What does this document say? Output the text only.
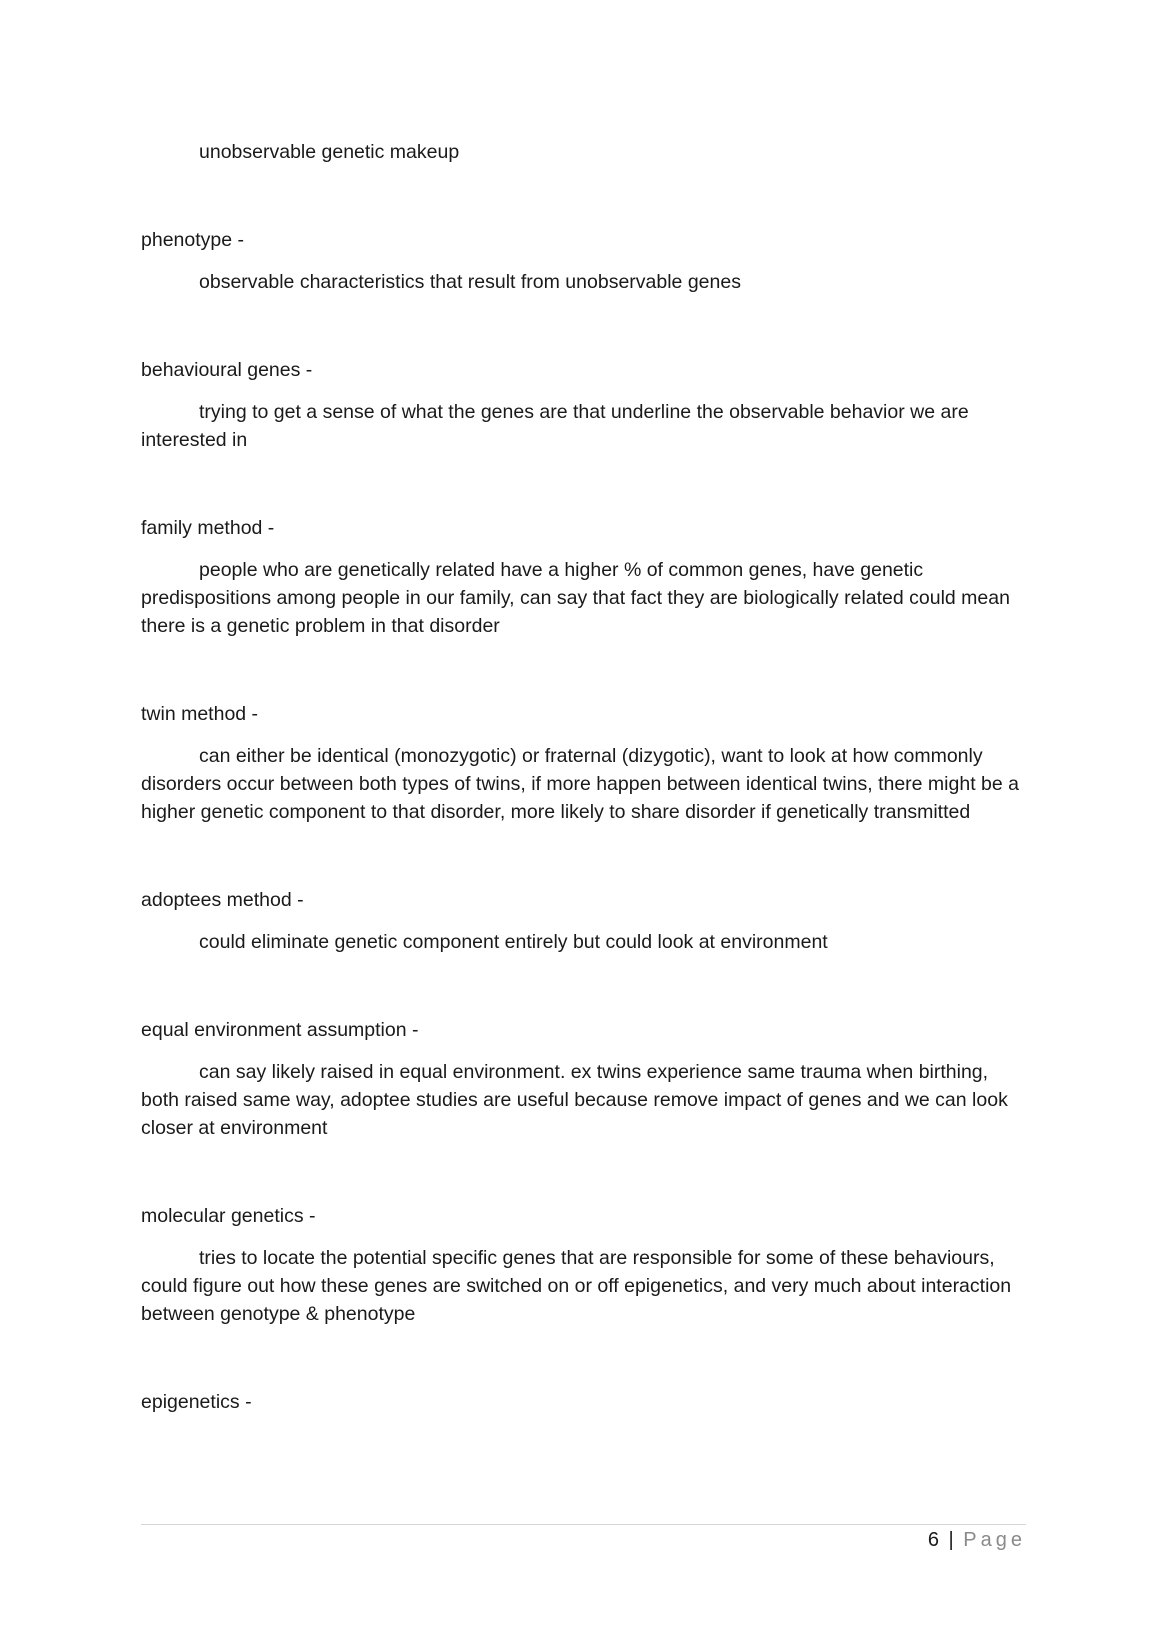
unobservable genetic makeup

phenotype -

observable characteristics that result from unobservable genes

behavioural genes -

trying to get a sense of what the genes are that underline the observable behavior we are interested in

family method -

people who are genetically related have a higher % of common genes, have genetic predispositions among people in our family, can say that fact they are biologically related could mean there is a genetic problem in that disorder

twin method -

can either be identical (monozygotic) or fraternal (dizygotic), want to look at how commonly disorders occur between both types of twins, if more happen between identical twins, there might be a higher genetic component to that disorder, more likely to share disorder if genetically transmitted

adoptees method -

could eliminate genetic component entirely but could look at environment

equal environment assumption -

can say likely raised in equal environment. ex twins experience same trauma when birthing, both raised same way, adoptee studies are useful because remove impact of genes and we can look closer at environment

molecular genetics -

tries to locate the potential specific genes that are responsible for some of these behaviours, could figure out how these genes are switched on or off epigenetics, and very much about interaction between genotype & phenotype

epigenetics -

6 | Page
